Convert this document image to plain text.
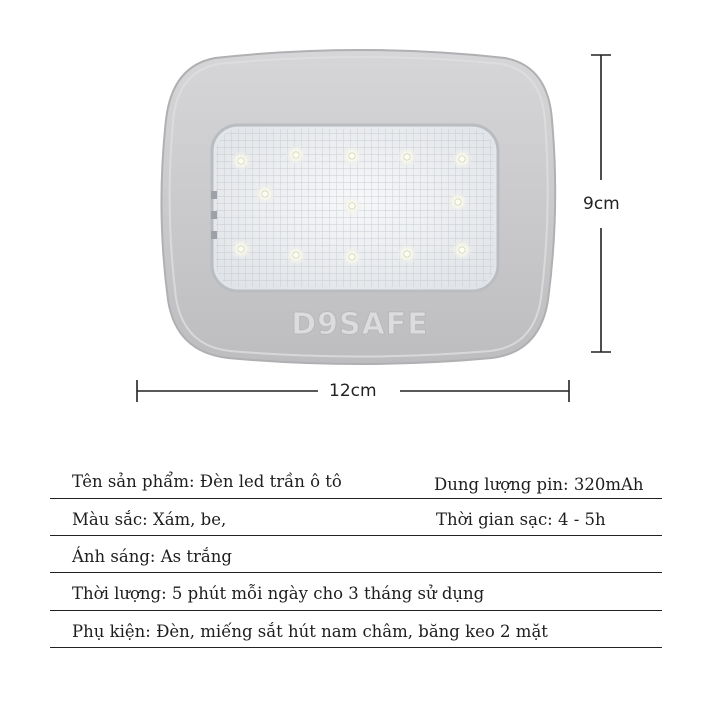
D9SAFE
12cm
9cm
Tên sản phẩm: Đèn led trần ô tô	Dung lượng pin: 320mAh
Màu sắc: Xám, be,	Thời gian sạc: 4 - 5h
Ánh sáng: As trắng
Thời lượng: 5 phút mỗi ngày cho 3 tháng sử dụng
Phụ kiện: Đèn, miếng sắt hút nam châm, băng keo 2 mặt
